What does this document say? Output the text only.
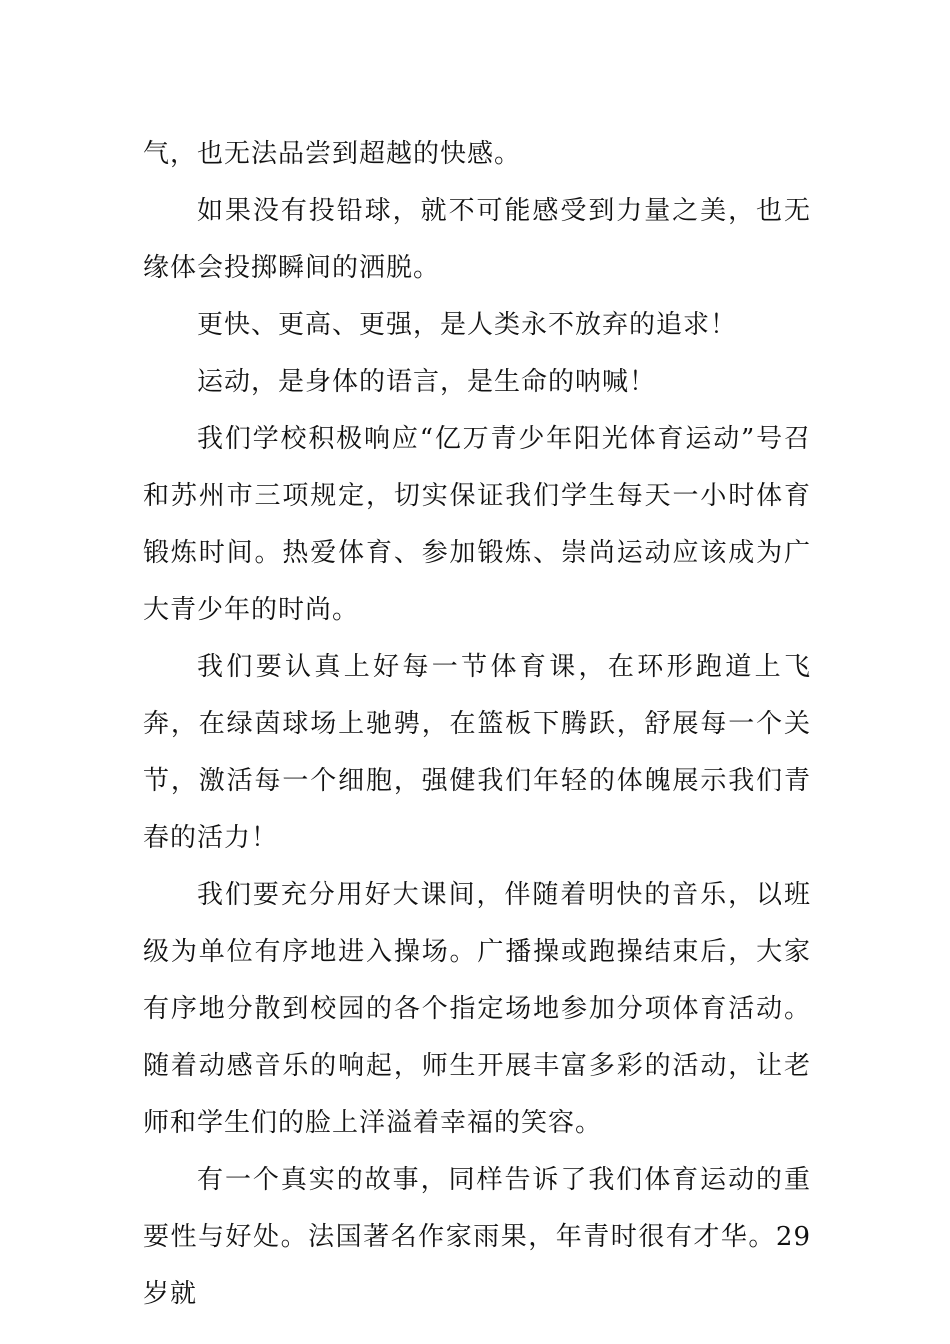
气，也无法品尝到超越的快感。

如果没有投铅球，就不可能感受到力量之美，也无缘体会投掷瞬间的洒脱。

更快、更高、更强，是人类永不放弃的追求！

运动，是身体的语言，是生命的呐喊！

我们学校积极响应“亿万青少年阳光体育运动”号召和苏州市三项规定，切实保证我们学生每天一小时体育锻炼时间。热爱体育、参加锻炼、崇尚运动应该成为广大青少年的时尚。

我们要认真上好每一节体育课，在环形跑道上飞奔，在绿茵球场上驰骋，在篮板下腾跃，舒展每一个关节，激活每一个细胞，强健我们年轻的体魄展示我们青春的活力！

我们要充分用好大课间，伴随着明快的音乐，以班级为单位有序地进入操场。广播操或跑操结束后，大家有序地分散到校园的各个指定场地参加分项体育活动。随着动感音乐的响起，师生开展丰富多彩的活动，让老师和学生们的脸上洋溢着幸福的笑容。

有一个真实的故事，同样告诉了我们体育运动的重要性与好处。法国著名作家雨果，年青时很有才华。29 岁就
